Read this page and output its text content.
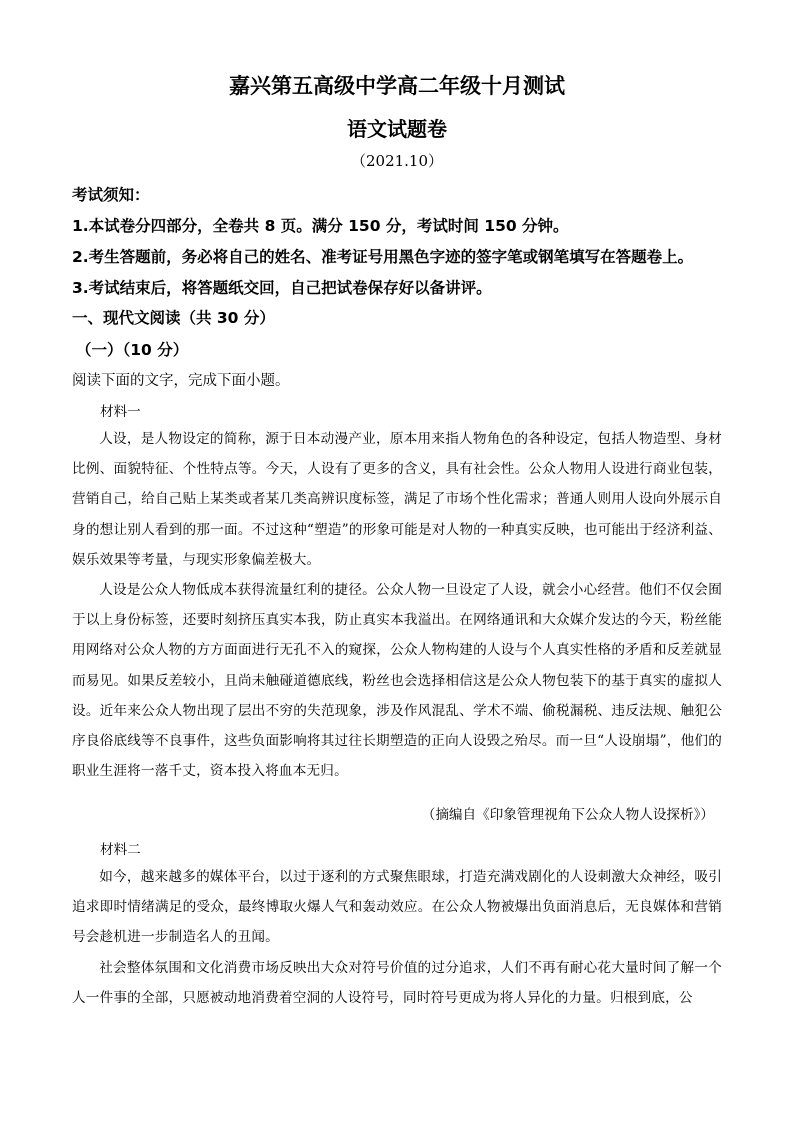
嘉兴第五高级中学高二年级十月测试
语文试题卷
（2021.10）
考试须知：
1.本试卷分四部分，全卷共 8 页。满分 150 分，考试时间 150 分钟。
2.考生答题前，务必将自己的姓名、准考证号用黑色字迹的签字笔或钢笔填写在答题卷上。
3.考试结束后，将答题纸交回，自己把试卷保存好以备讲评。
一、现代文阅读（共 30 分）
（一）（10 分）
阅读下面的文字，完成下面小题。
材料一

人设，是人物设定的简称，源于日本动漫产业，原本用来指人物角色的各种设定，包括人物造型、身材比例、面貌特征、个性特点等。今天，人设有了更多的含义，具有社会性。公众人物用人设进行商业包装，营销自己，给自己贴上某类或者某几类高辨识度标签，满足了市场个性化需求；普通人则用人设向外展示自身的想让别人看到的那一面。不过这种“塑造”的形象可能是对人物的一种真实反映，也可能出于经济利益、娱乐效果等考量，与现实形象偏差极大。

人设是公众人物低成本获得流量红利的捷径。公众人物一旦设定了人设，就会小心经营。他们不仅会囿于以上身份标签，还要时刻挤压真实本我，防止真实本我溢出。在网络通讯和大众媒介发达的今天，粉丝能用网络对公众人物的方方面面进行无孔不入的窥探，公众人物构建的人设与个人真实性格的矛盾和反差就显而易见。如果反差较小，且尚未触碰道德底线，粉丝也会选择相信这是公众人物包装下的基于真实的虚拟人设。近年来公众人物出现了层出不穷的失范现象，涉及作风混乱、学术不端、偷税漏税、违反法规、触犯公序良俗底线等不良事件，这些负面影响将其过往长期塑造的正向人设毁之殆尽。而一旦“人设崩塌”，他们的职业生涯将一落千丈，资本投入将血本无归。

（摘编自《印象管理视角下公众人物人设探析》）
材料二

如今，越来越多的媒体平台，以过于逐利的方式聚焦眼球，打造充满戏剧化的人设刺激大众神经，吸引追求即时情绪满足的受众，最终博取火爆人气和轰动效应。在公众人物被爆出负面消息后，无良媒体和营销号会趁机进一步制造名人的丑闻。

社会整体氛围和文化消费市场反映出大众对符号价值的过分追求，人们不再有耐心花大量时间了解一个人一件事的全部，只愿被动地消费着空洞的人设符号，同时符号更成为将人异化的力量。归根到底，公
